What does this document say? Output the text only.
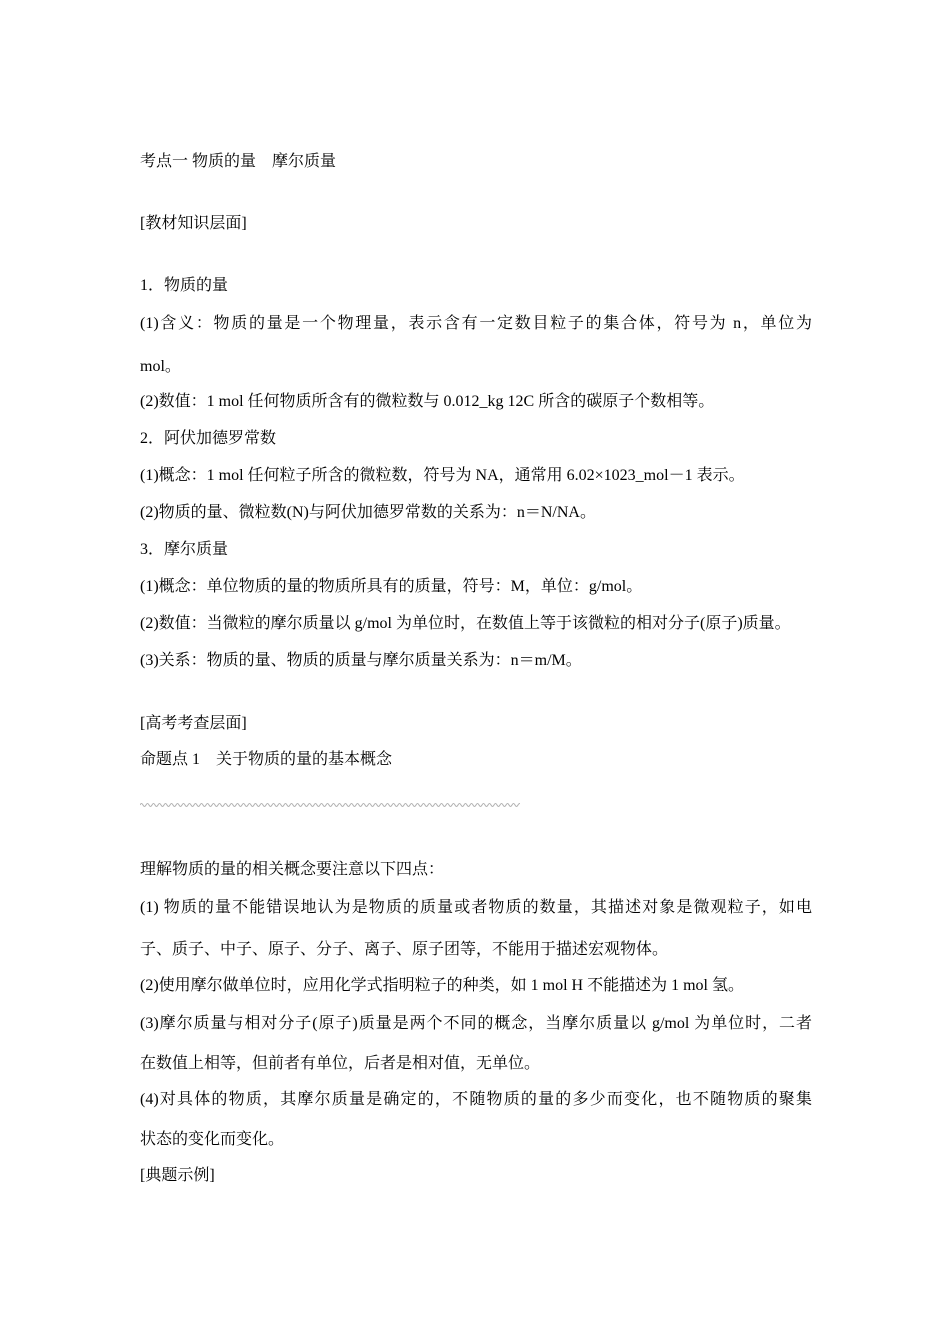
考点一 物质的量　摩尔质量
[教材知识层面]
1．物质的量
(1)含义：物质的量是一个物理量，表示含有一定数目粒子的集合体，符号为 n，单位为
mol。
(2)数值：1 mol 任何物质所含有的微粒数与 0.012_kg 12C 所含的碳原子个数相等。
2．阿伏加德罗常数
(1)概念：1 mol 任何粒子所含的微粒数，符号为 NA，通常用 6.02×1023_mol－1 表示。
(2)物质的量、微粒数(N)与阿伏加德罗常数的关系为：n＝N/NA。
3．摩尔质量
(1)概念：单位物质的量的物质所具有的质量，符号：M，单位：g/mol。
(2)数值：当微粒的摩尔质量以 g/mol 为单位时，在数值上等于该微粒的相对分子(原子)质量。
(3)关系：物质的量、物质的质量与摩尔质量关系为：n＝m/M。
[高考考查层面]
命题点 1　关于物质的量的基本概念
理解物质的量的相关概念要注意以下四点：
(1) 物质的量不能错误地认为是物质的质量或者物质的数量，其描述对象是微观粒子，如电
子、质子、中子、原子、分子、离子、原子团等，不能用于描述宏观物体。
(2)使用摩尔做单位时，应用化学式指明粒子的种类，如 1 mol H 不能描述为 1 mol 氢。
(3)摩尔质量与相对分子(原子)质量是两个不同的概念，当摩尔质量以 g/mol 为单位时，二者
在数值上相等，但前者有单位，后者是相对值，无单位。
(4)对具体的物质，其摩尔质量是确定的，不随物质的量的多少而变化，也不随物质的聚集
状态的变化而变化。
[典题示例]
